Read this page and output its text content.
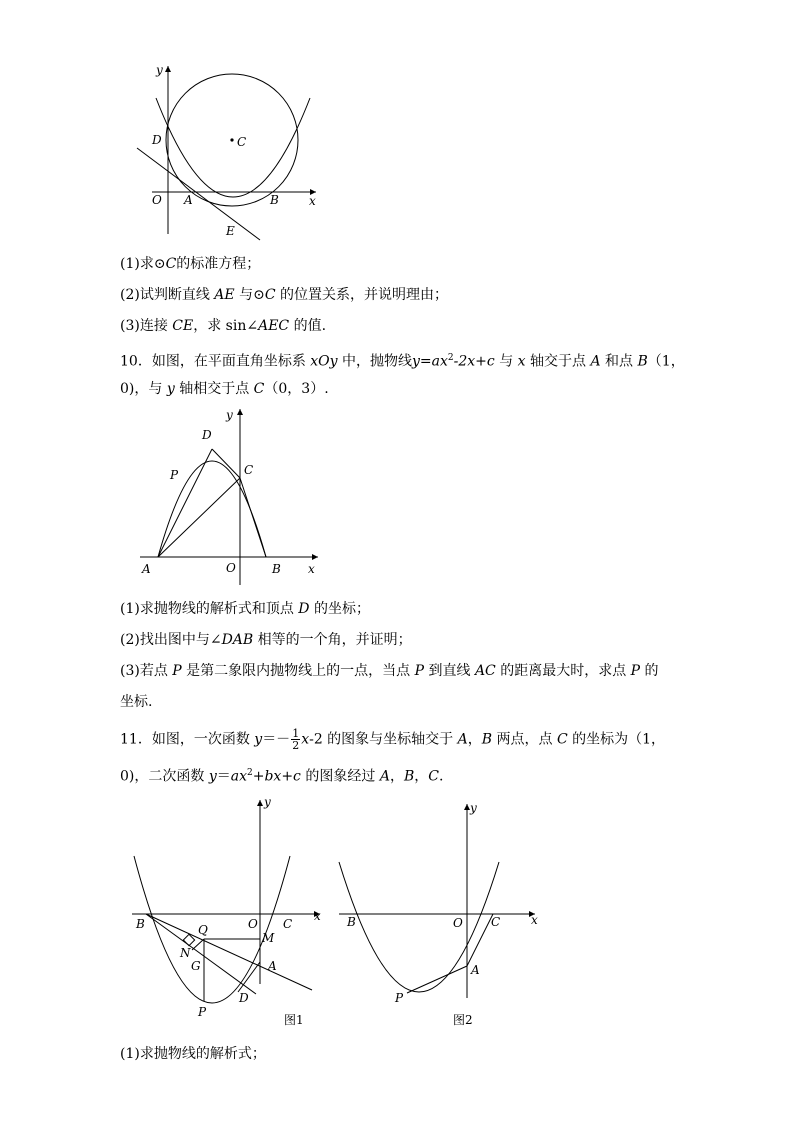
y
x
D	C
O A	B
E
(1)求⊙C的标准方程；
(2)试判断直线 AE 与⊙C 的位置关系，并说明理由；
(3)连接 CE，求 sin∠AEC 的值.
10．如图，在平面直角坐标系 xOy 中，抛物线$y=ax^2-2x+c$ 与 x 轴交于点 A 和点 B（1，
0)，与 y 轴相交于点 C（0，3）.
y
x
D
P	C
A	O	B
(1)求抛物线的解析式和顶点 D 的坐标；
(2)找出图中与∠DAB 相等的一个角，并证明；
(3)若点 P 是第二象限内抛物线上的一点，当点 P 到直线 AC 的距离最大时，求点 P 的
坐标.
11．如图，一次函数 $y=- \frac{1}{2} x-2$ 的图象与坐标轴交于 A，B 两点，点 C 的坐标为（1，
0)，二次函数 $y=ax^2+bx+c$ 的图象经过 A，B，C.
y
x
B	O C
Q
M
N
G	A
D
P
图1
y
x
B	O C
A
P
图2
(1)求抛物线的解析式；
